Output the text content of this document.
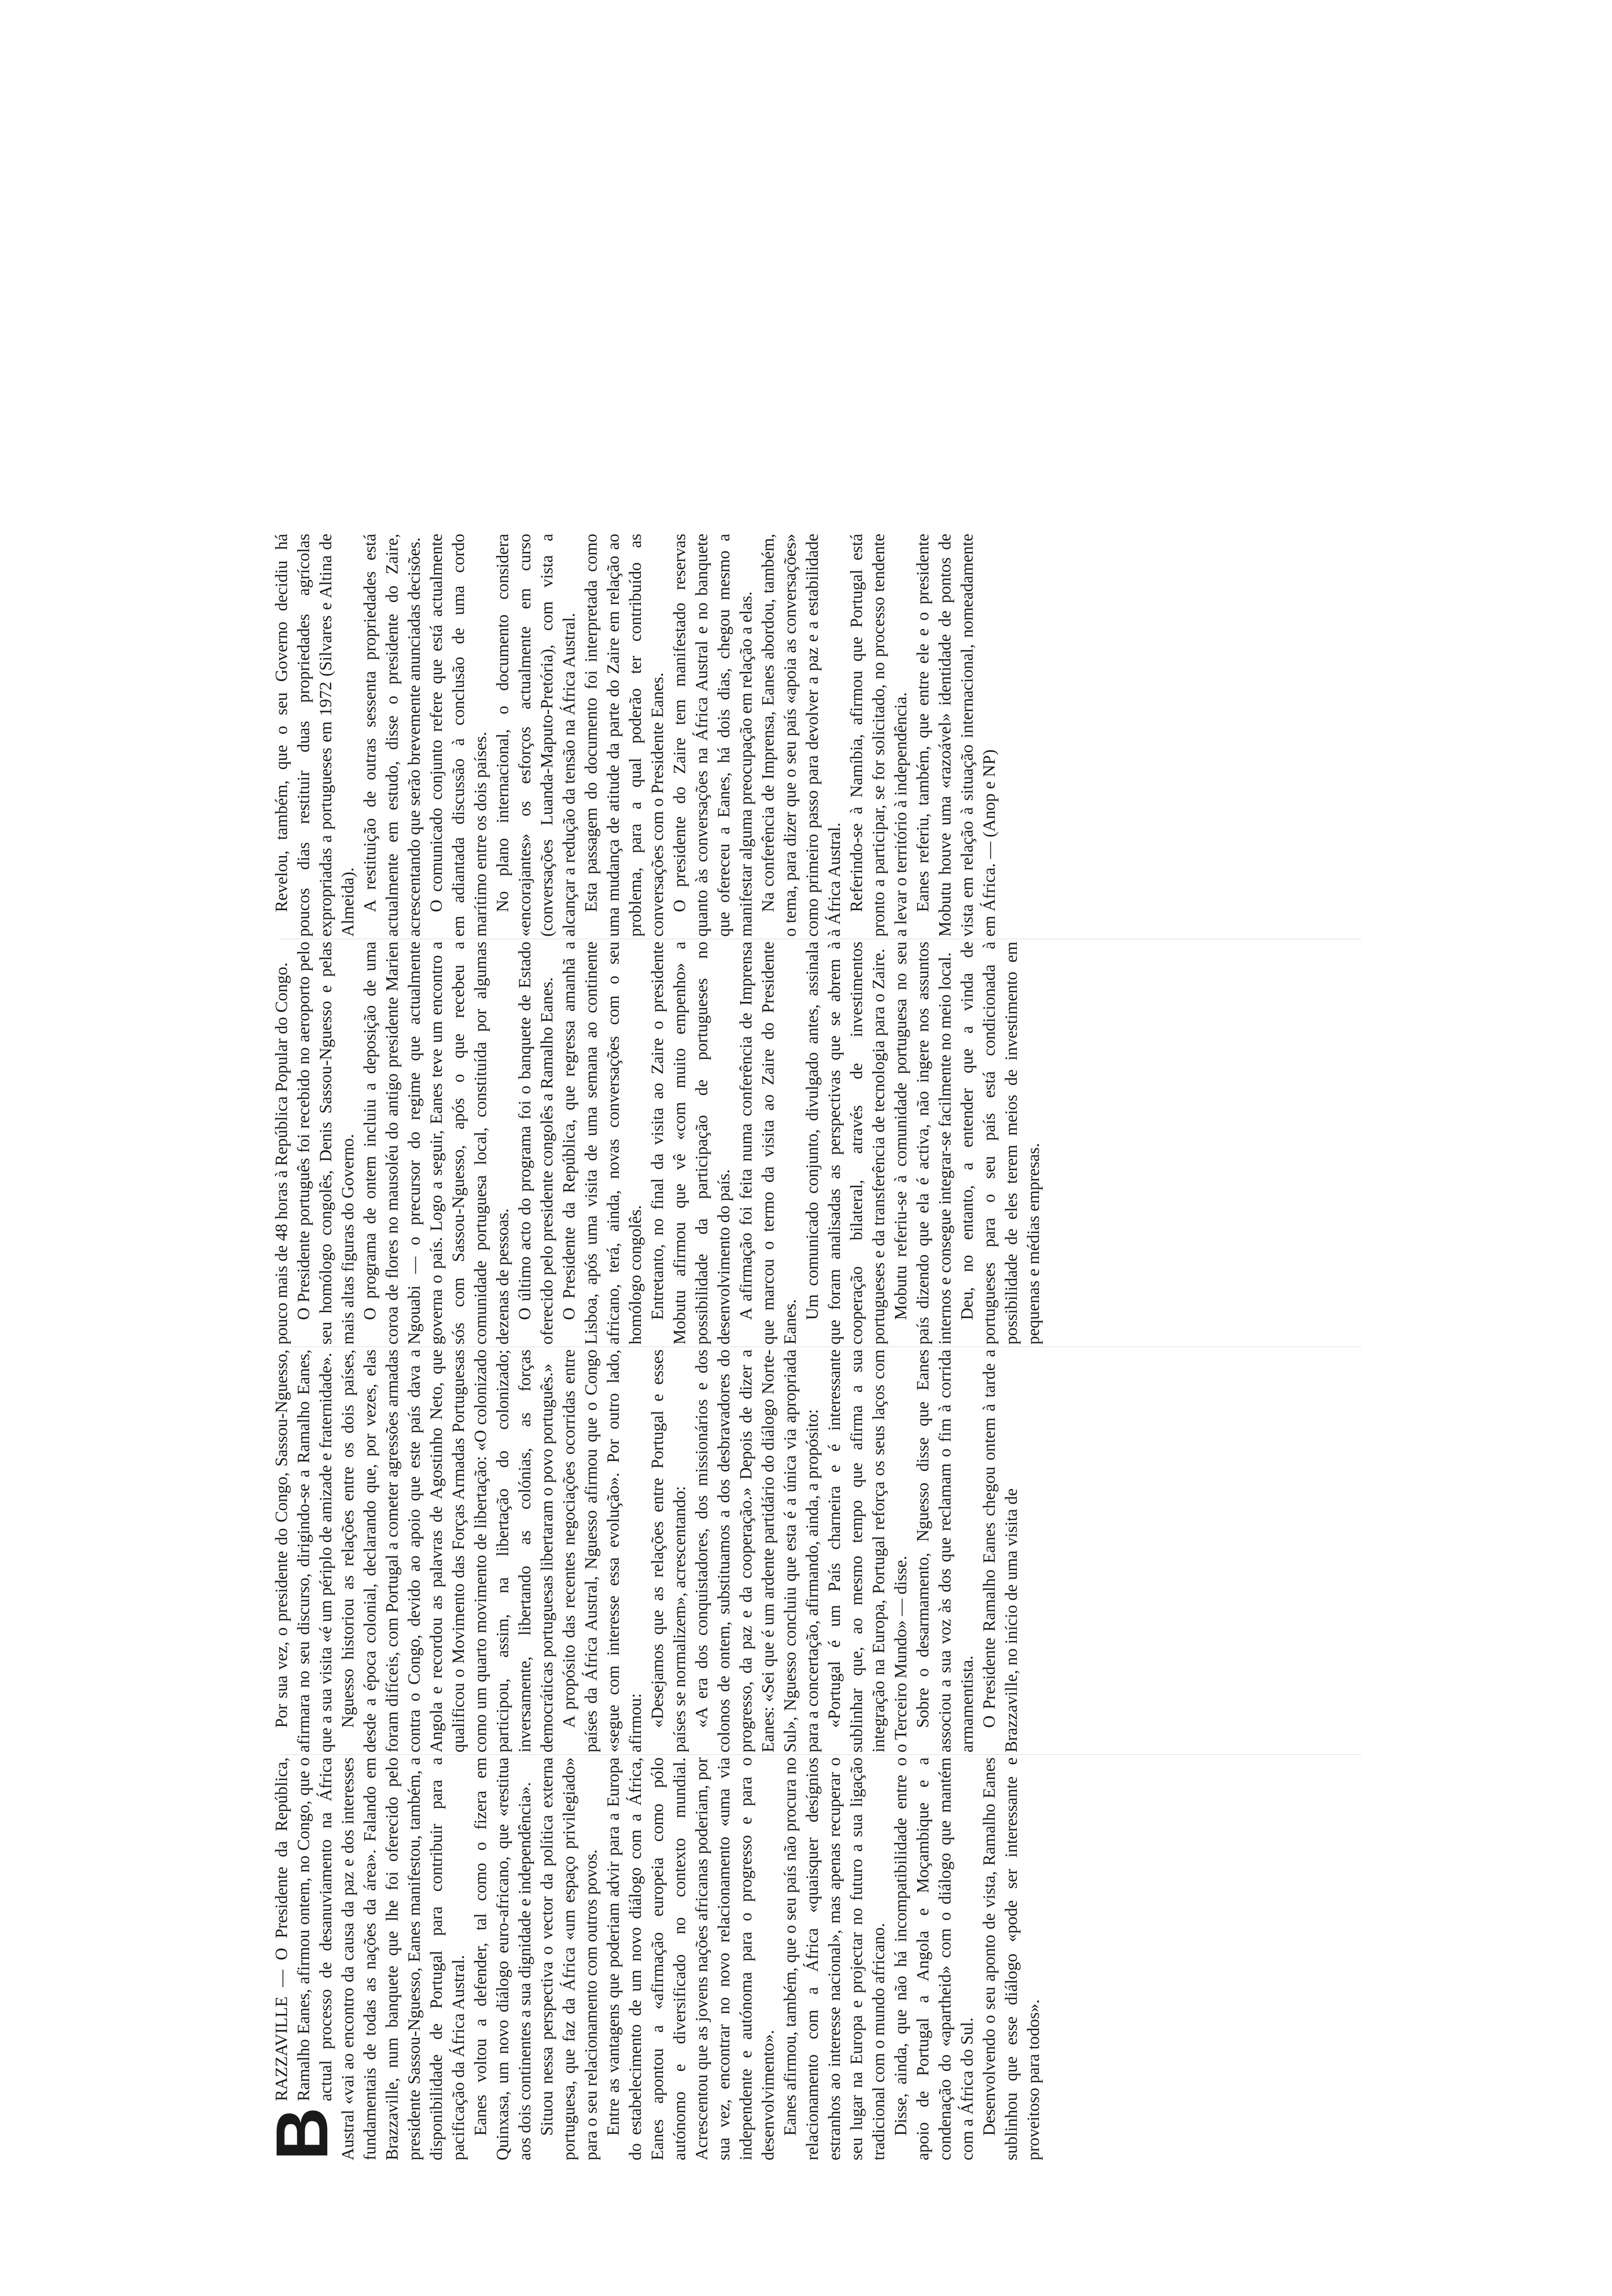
B
RAZZAVILLE — O Presidente da República, Ramalho Eanes, afirmou ontem, no Congo, que o actual processo de desanuviamento na África Austral «vai ao encontro da causa da paz e dos interesses fundamentais de todas as nações da área». Falando em Brazzaville, num banquete que lhe foi oferecido pelo presidente Sassou-Nguesso, Eanes manifestou, também, a disponibilidade de Portugal para contribuir para a pacificação da África Austral. Eanes voltou a defender, tal como o fizera em Quinxasa, um novo diálogo euro-africano, que «restitua aos dois continentes a sua dignidade e independência». Situou nessa perspectiva o vector da política externa portuguesa, que faz da África «um espaço privilegiado» para o seu relacionamento com outros povos. Entre as vantagens que poderiam advir para a Europa do estabelecimento de um novo diálogo com a África, Eanes apontou a «afirmação europeia como pólo autónomo e diversificado no contexto mundial. Acrescentou que as jovens nações africanas poderiam, por sua vez, encontrar no novo relacionamento «uma via independente e autónoma para o progresso e para o desenvolvimento». Eanes afirmou, também, que o seu país não procura no relacionamento com a África «quaisquer desígnios estranhos ao interesse nacional», mas apenas recuperar o seu lugar na Europa e projectar no futuro a sua ligação tradicional com o mundo africano. Disse, ainda, que não há incompatibilidade entre o apoio de Portugal a Angola e Moçambique e a condenação do «apartheid» com o diálogo que mantém com a África do Sul. Desenvolvendo o seu aponto de vista, Ramalho Eanes sublinhou que esse diálogo «pode ser interessante e proveitoso para todos».

Por sua vez, o presidente do Congo, Sassou-Nguesso, afirmara no seu discurso, dirigindo-se a Ramalho Eanes, que a sua visita «é um périplo de amizade e fraternidade». Nguesso historiou as relações entre os dois países, desde a época colonial, declarando que, por vezes, elas foram difíceis, com Portugal a cometer agressões armadas contra o Congo, devido ao apoio que este país dava a Angola e recordou as palavras de Agostinho Neto, que qualificou o Movimento das Forças Armadas Portuguesas como um quarto movimento de libertação: «O colonizado participou, assim, na libertação do colonizado; inversamente, libertando as colónias, as forças democráticas portuguesas libertaram o povo português.» A propósito das recentes negociações ocorridas entre países da África Austral, Nguesso afirmou que o Congo «segue com interesse essa evolução». Por outro lado, afirmou: «Desejamos que as relações entre Portugal e esses países se normalizem», acrescentando: «A era dos conquistadores, dos missionários e dos colonos de ontem, substituamos a dos desbravadores do progresso, da paz e da cooperação.» Depois de dizer a Eanes: «Sei que é um ardente partidário do diálogo Norte-Sul», Nguesso concluiu que esta é a única via apropriada para a concertação, afirmando, ainda, a propósito: «Portugal é um País charneira e é interessante sublinhar que, ao mesmo tempo que afirma a sua integração na Europa, Portugal reforça os seus laços com o Terceiro Mundo» — disse. Sobre o desarmamento, Nguesso disse que Eanes associou a sua voz às dos que reclamam o fim à corrida armamentista. O Presidente Ramalho Eanes chegou ontem à tarde a Brazzaville, no início de uma visita de

pouco mais de 48 horas à República Popular do Congo. O Presidente português foi recebido no aeroporto pelo seu homólogo congolês, Denis Sassou-Nguesso e pelas mais altas figuras do Governo. O programa de ontem incluiu a deposição de uma coroa de flores no mausoléu do antigo presidente Marien Ngouabi — o precursor do regime que actualmente governa o país. Logo a seguir, Eanes teve um encontro a sós com Sassou-Nguesso, após o que recebeu a comunidade portuguesa local, constituída por algumas dezenas de pessoas. O último acto do programa foi o banquete de Estado oferecido pelo presidente congolês a Ramalho Eanes. O Presidente da República, que regressa amanhã a Lisboa, após uma visita de uma semana ao continente africano, terá, ainda, novas conversações com o seu homólogo congolês. Entretanto, no final da visita ao Zaire o presidente Mobutu afirmou que vê «com muito empenho» a possibilidade da participação de portugueses no desenvolvimento do país. A afirmação foi feita numa conferência de Imprensa que marcou o termo da visita ao Zaire do Presidente Eanes.

Um comunicado conjunto, divulgado antes, assinala que foram analisadas as perspectivas que se abrem à cooperação bilateral, através de investimentos portugueses e da transferência de tecnologia para o Zaire. Mobutu referiu-se à comunidade portuguesa no seu país dizendo que ela é activa, não ingere nos assuntos internos e consegue integrar-se facilmente no meio local. Deu, no entanto, a entender que a vinda de portugueses para o seu país está condicionada à possibilidade de eles terem meios de investimento em pequenas e médias empresas.

Revelou, também, que o seu Governo decidiu há poucos dias restituir duas propriedades agrícolas expropriadas a portugueses em 1972 (Silvares e Altina de Almeida). A restituição de outras sessenta propriedades está actualmente em estudo, disse o presidente do Zaire, acrescentando que serão brevemente anunciadas decisões. O comunicado conjunto refere que está actualmente em adiantada discussão à conclusão de uma cordo marítimo entre os dois países. No plano internacional, o documento considera «encorajantes» os esforços actualmente em curso (conversações Luanda-Maputo-Pretória), com vista a alcançar a redução da tensão na África Austral. Esta passagem do documento foi interpretada como uma mudança de atitude da parte do Zaire em relação ao problema, para a qual poderão ter contribuído as conversações com o Presidente Eanes. O presidente do Zaire tem manifestado reservas quanto às conversações na África Austral e no banquete que ofereceu a Eanes, há dois dias, chegou mesmo a manifestar alguma preocupação em relação a elas. Na conferência de Imprensa, Eanes abordou, também, o tema, para dizer que o seu país «apoia as conversações» como primeiro passo para devolver a paz e a estabilidade à África Austral. Referindo-se à Namíbia, afirmou que Portugal está pronto a participar, se for solicitado, no processo tendente a levar o território à independência. Eanes referiu, também, que entre ele e o presidente Mobutu houve uma «razoável» identidade de pontos de vista em relação à situação internacional, nomeadamente em África. — (Anop e NP)
